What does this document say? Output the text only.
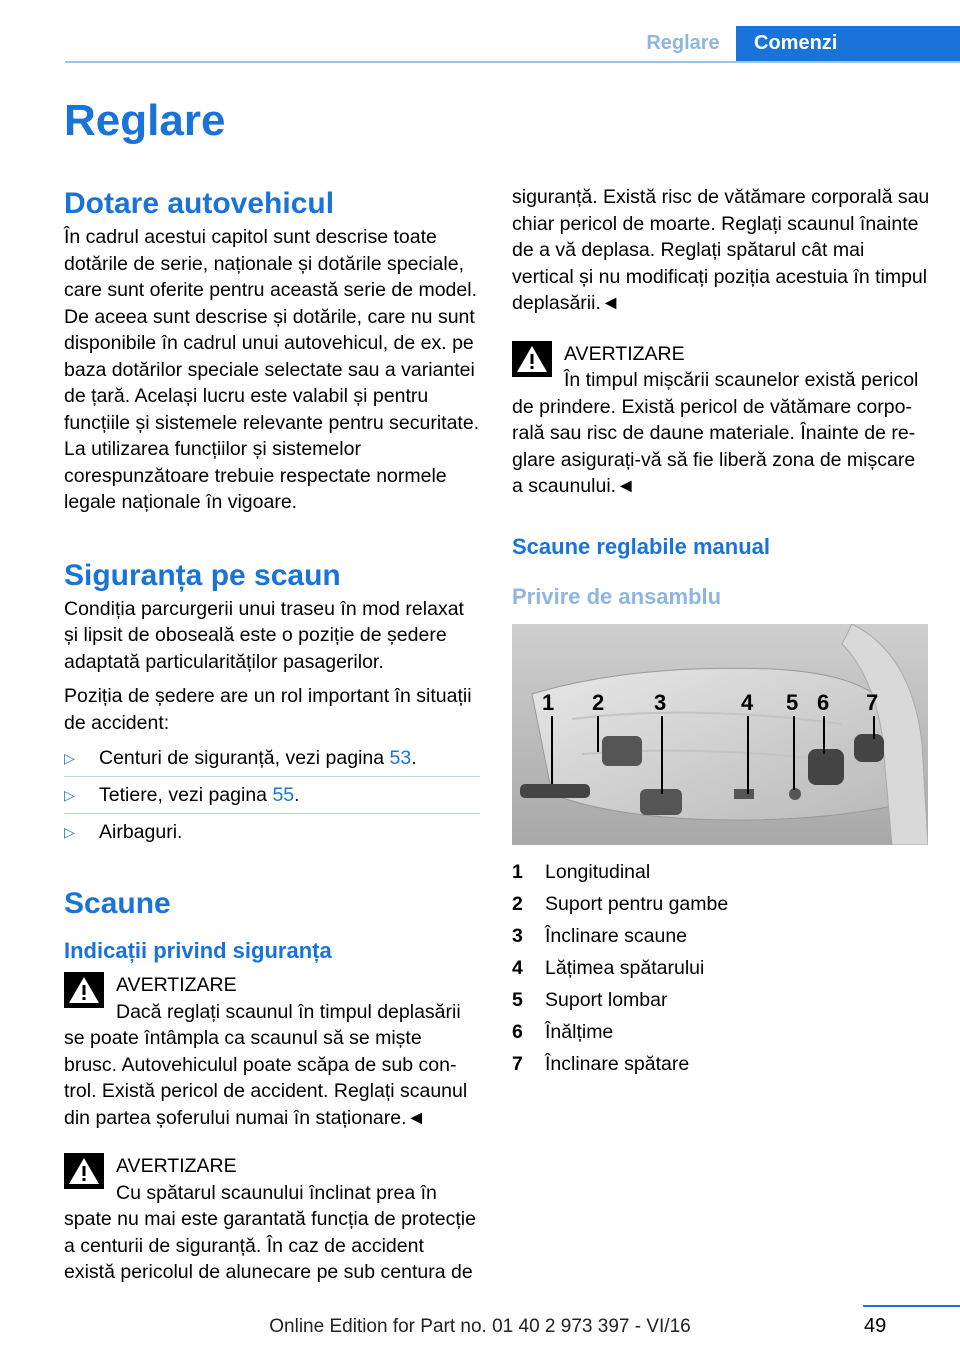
Reglare	Comenzi
Reglare
Dotare autovehicul

În cadrul acestui capitol sunt descrise toate dotările de serie, naționale și dotările speciale, care sunt oferite pentru această serie de model. De aceea sunt descrise și dotările, care nu sunt disponibile în cadrul unui autovehicul, de ex. pe baza dotărilor speciale selectate sau a variantei de țară. Același lucru este valabil și pentru funcțiile și sistemele relevante pentru securitate. La utilizarea funcțiilor și sistemelor corespunzătoare trebuie respectate normele legale naționale în vigoare.

Siguranța pe scaun

Condiția parcurgerii unui traseu în mod relaxat și lipsit de oboseală este o poziție de ședere adaptată particularităților pasagerilor.

Poziția de ședere are un rol important în situații de accident:

▷ Centuri de siguranță, vezi pagina 53.
▷ Tetiere, vezi pagina 55.
▷ Airbaguri.
Scaune
Indicații privind siguranța
AVERTIZARE
Dacă reglați scaunul în timpul deplasării se poate întâmpla ca scaunul să se miște brusc. Autovehiculul poate scăpa de sub control. Există pericol de accident. Reglați scaunul din partea șoferului numai în staționare.◄
AVERTIZARE
Cu spătarul scaunului înclinat prea în spate nu mai este garantată funcția de protecție a centurii de siguranță. În caz de accident există pericolul de alunecare pe sub centura de

siguranță. Există risc de vătămare corporală sau chiar pericol de moarte. Reglați scaunul înainte de a vă deplasa. Reglați spătarul cât mai vertical și nu modificați poziția acestuia în timpul deplasării.◄

AVERTIZARE
În timpul mișcării scaunelor există pericol de prindere. Există pericol de vătămare corporală sau risc de daune materiale. Înainte de reglare asigurați-vă să fie liberă zona de mișcare a scaunului.◄
Scaune reglabile manual
Privire de ansamblu
1 2 3	4 5 6 7
1	Longitudinal
2	Suport pentru gambe
3	Înclinare scaune
4	Lățimea spătarului
5	Suport lombar
6	Înălțime
7	Înclinare spătare
49
Online Edition for Part no. 01 40 2 973 397 - VI/16
